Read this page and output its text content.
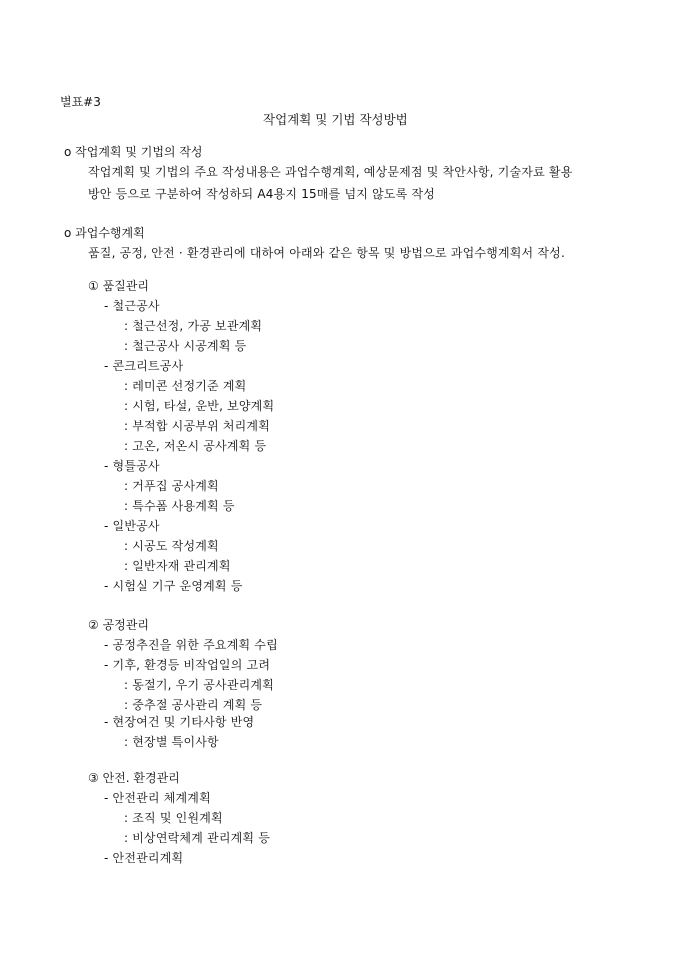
별표#3
작업계획 및 기법 작성방법
o 작업계획 및 기법의 작성
작업계획 및 기법의 주요 작성내용은 과업수행계획, 예상문제점 및 착안사항, 기술자료 활용
방안 등으로 구분하여 작성하되 A4용지 15매를 넘지 않도록 작성
o 과업수행계획
품질, 공정, 안전 · 환경관리에 대하여 아래와 같은 항목 및 방법으로 과업수행계획서 작성.
① 품질관리
- 철근공사
: 철근선정, 가공 보관계획
: 철근공사 시공계획 등
- 콘크리트공사
: 레미콘 선정기준 계획
: 시험, 타설, 운반, 보양계획
: 부적합 시공부위 처리계획
: 고온, 저온시 공사계획 등
- 형틀공사
: 거푸집 공사계획
: 특수폼 사용계획 등
- 일반공사
: 시공도 작성계획
: 일반자재 관리계획
- 시험실 기구 운영계획 등
② 공정관리
- 공정추진을 위한 주요계획 수립
- 기후, 환경등 비작업일의 고려
: 동절기, 우기 공사관리계획
: 중추절 공사관리 계획 등
- 현장여건 및 기타사항 반영
: 현장별 특이사항
③ 안전. 환경관리
- 안전관리 체계계획
: 조직 및 인원계획
: 비상연락체계 관리계획 등
- 안전관리계획
